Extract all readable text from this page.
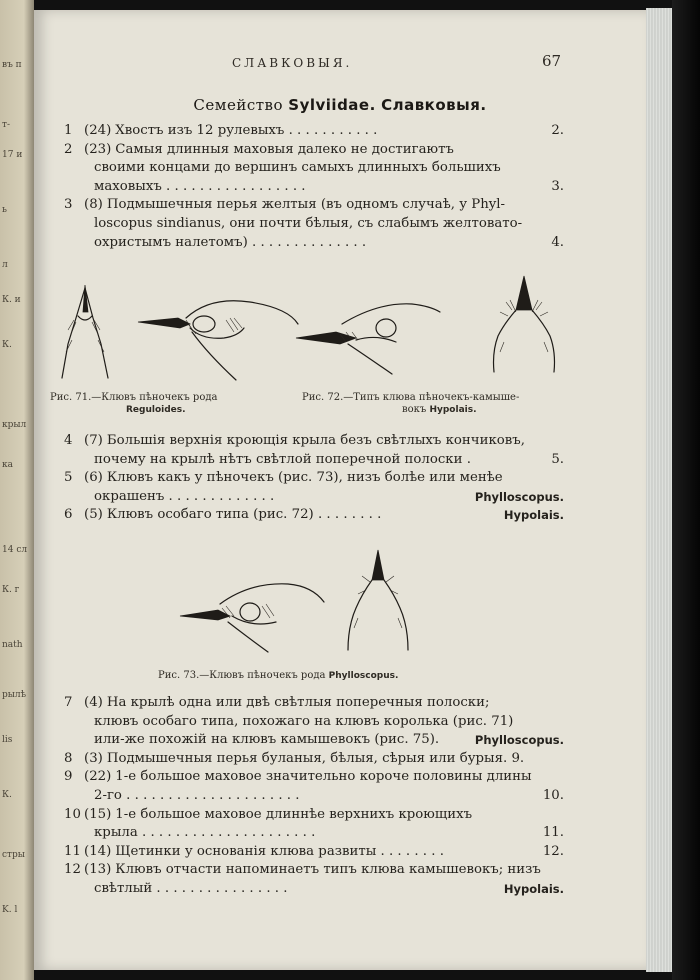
въ п
т-
17 и
ь
л
К. и
К.
крыл
ка
14 сл
К. г
nath
рылѣ
lis
К.
стры
K. l
СЛАВКОВЫЯ.	67
Семейство Sylviidae. Славковыя.
1 (24) Хвостъ изъ 12 рулевыхъ . . . . . . . . . . .	2.
2 (23) Самыя длинныя маховыя далеко не достигаютъ
своими концами до вершинъ самыхъ длинныхъ большихъ
маховыхъ . . . . . . . . . . . . . . . . .	3.
3 (8) Подмышечныя перья желтыя (въ одномъ случаѣ, у Phyl-
loscopus sindianus, они почти бѣлыя, съ слабымъ желтовато-
охристымъ налетомъ) . . . . . . . . . . . . . .	4.
Рис. 71.—Клювъ пѣночекъ рода
Reguloides.
Рис. 72.—Типъ клюва пѣночекъ-камыше-
вокъ Hypolais.
4 (7) Большія верхнія кроющія крыла безъ свѣтлыхъ кончиковъ,
почему на крылѣ нѣтъ свѣтлой поперечной полоски .	5.
5 (6) Клювъ какъ у пѣночекъ (рис. 73), низъ болѣе или менѣе
окрашенъ . . . . . . . . . . . . .	Phylloscopus.
6 (5) Клювъ особаго типа (рис. 72) . . . . . . . .	Hypolais.
Рис. 73.—Клювъ пѣночекъ рода Phylloscopus.
7 (4) На крылѣ одна или двѣ свѣтлыя поперечныя полоски;
клювъ особаго типа, похожаго на клювъ королька (рис. 71)
или-же похожій на клювъ камышевокъ (рис. 75).	Phylloscopus.
8 (3) Подмышечныя перья буланыя, бѣлыя, сѣрыя или бурыя. 9.
9 (22) 1-е большое маховое значительно короче половины длины
2-го . . . . . . . . . . . . . . . . . . . . .	10.
10 (15) 1-е большое маховое длиннѣе верхнихъ кроющихъ
крыла . . . . . . . . . . . . . . . . . . . . .	11.
11 (14) Щетинки у основанія клюва развиты . . . . . . . .	12.
12 (13) Клювъ отчасти напоминаетъ типъ клюва камышевокъ; низъ
свѣтлый . . . . . . . . . . . . . . . .	Hypolais.
